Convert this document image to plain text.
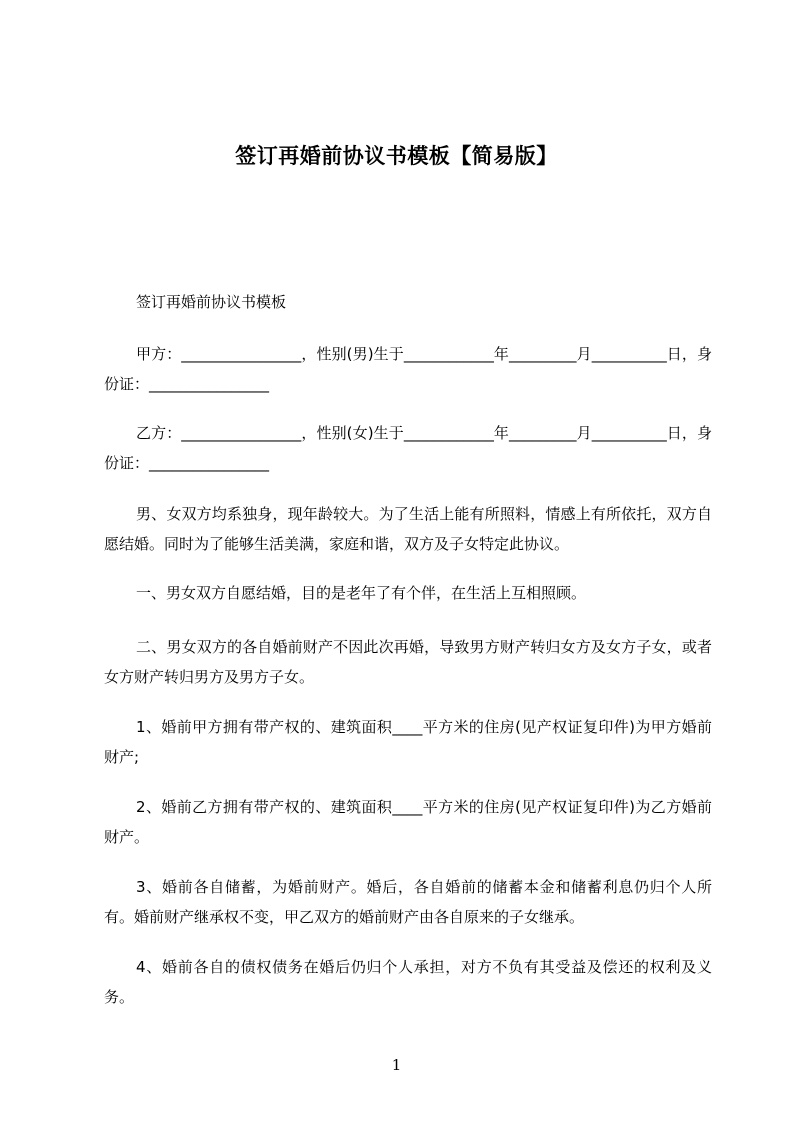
签订再婚前协议书模板【简易版】
签订再婚前协议书模板
甲方：________________，性别(男)生于____________年_________月__________日，身份证：________________
乙方：________________，性别(女)生于____________年_________月__________日，身份证：________________
男、女双方均系独身，现年龄较大。为了生活上能有所照料，情感上有所依托，双方自愿结婚。同时为了能够生活美满，家庭和谐，双方及子女特定此协议。
一、男女双方自愿结婚，目的是老年了有个伴，在生活上互相照顾。
二、男女双方的各自婚前财产不因此次再婚，导致男方财产转归女方及女方子女，或者女方财产转归男方及男方子女。
1、婚前甲方拥有带产权的、建筑面积____平方米的住房(见产权证复印件)为甲方婚前财产;
2、婚前乙方拥有带产权的、建筑面积____平方米的住房(见产权证复印件)为乙方婚前财产。
3、婚前各自储蓄，为婚前财产。婚后，各自婚前的储蓄本金和储蓄利息仍归个人所有。婚前财产继承权不变，甲乙双方的婚前财产由各自原来的子女继承。
4、婚前各自的债权债务在婚后仍归个人承担，对方不负有其受益及偿还的权利及义务。
1
